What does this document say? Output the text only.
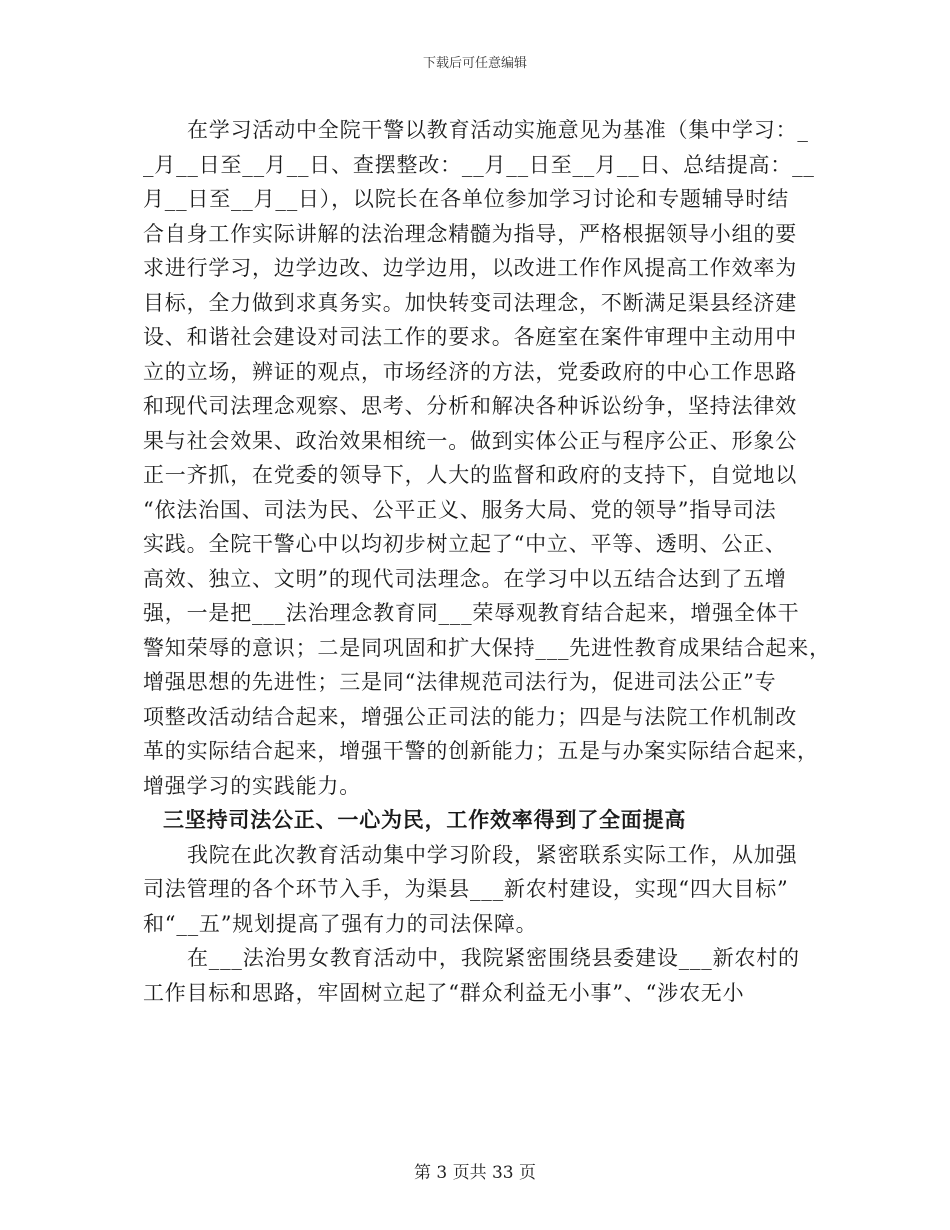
下载后可任意编辑
在学习活动中全院干警以教育活动实施意见为基准（集中学习：_
_月__日至__月__日、查摆整改：__月__日至__月__日、总结提高：__
月__日至__月__日），以院长在各单位参加学习讨论和专题辅导时结
合自身工作实际讲解的法治理念精髓为指导，严格根据领导小组的要
求进行学习，边学边改、边学边用，以改进工作作风提高工作效率为
目标，全力做到求真务实。加快转变司法理念，不断满足渠县经济建
设、和谐社会建设对司法工作的要求。各庭室在案件审理中主动用中
立的立场，辨证的观点，市场经济的方法，党委政府的中心工作思路
和现代司法理念观察、思考、分析和解决各种诉讼纷争，坚持法律效
果与社会效果、政治效果相统一。做到实体公正与程序公正、形象公
正一齐抓，在党委的领导下，人大的监督和政府的支持下，自觉地以
“依法治国、司法为民、公平正义、服务大局、党的领导”指导司法
实践。全院干警心中以均初步树立起了“中立、平等、透明、公正、
高效、独立、文明”的现代司法理念。在学习中以五结合达到了五增
强，一是把___法治理念教育同___荣辱观教育结合起来，增强全体干
警知荣辱的意识；二是同巩固和扩大保持___先进性教育成果结合起来，
增强思想的先进性；三是同“法律规范司法行为，促进司法公正”专
项整改活动结合起来，增强公正司法的能力；四是与法院工作机制改
革的实际结合起来，增强干警的创新能力；五是与办案实际结合起来，
增强学习的实践能力。
三坚持司法公正、一心为民，工作效率得到了全面提高
我院在此次教育活动集中学习阶段，紧密联系实际工作，从加强
司法管理的各个环节入手，为渠县___新农村建设，实现“四大目标”
和“__五”规划提高了强有力的司法保障。
在___法治男女教育活动中，我院紧密围绕县委建设___新农村的
工作目标和思路，牢固树立起了“群众利益无小事”、“涉农无小
第 3 页共 33 页
